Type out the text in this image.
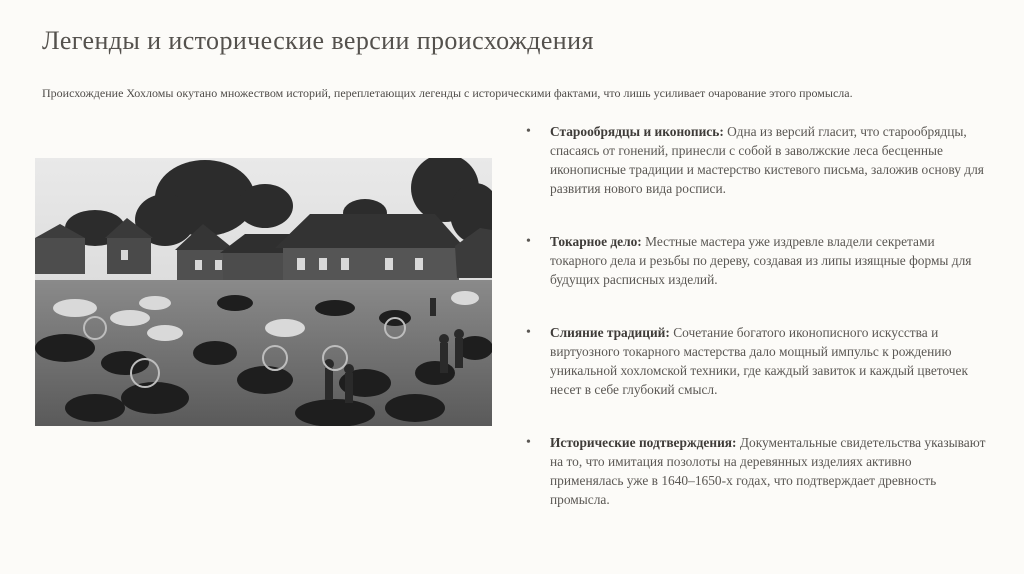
Легенды и исторические версии происхождения
Происхождение Хохломы окутано множеством историй, переплетающих легенды с историческими фактами, что лишь усиливает очарование этого промысла.
• Старообрядцы и иконопись: Одна из версий гласит, что старообрядцы, спасаясь от гонений, принесли с собой в заволжские леса бесценные иконописные традиции и мастерство кистевого письма, заложив основу для развития нового вида росписи.
• Токарное дело: Местные мастера уже издревле владели секретами токарного дела и резьбы по дереву, создавая из липы изящные формы для будущих расписных изделий.
• Слияние традиций: Сочетание богатого иконописного искусства и виртуозного токарного мастерства дало мощный импульс к рождению уникальной хохломской техники, где каждый завиток и каждый цветочек несет в себе глубокий смысл.
• Исторические подтверждения: Документальные свидетельства указывают на то, что имитация позолоты на деревянных изделиях активно применялась уже в 1640–1650-х годах, что подтверждает древность промысла.
